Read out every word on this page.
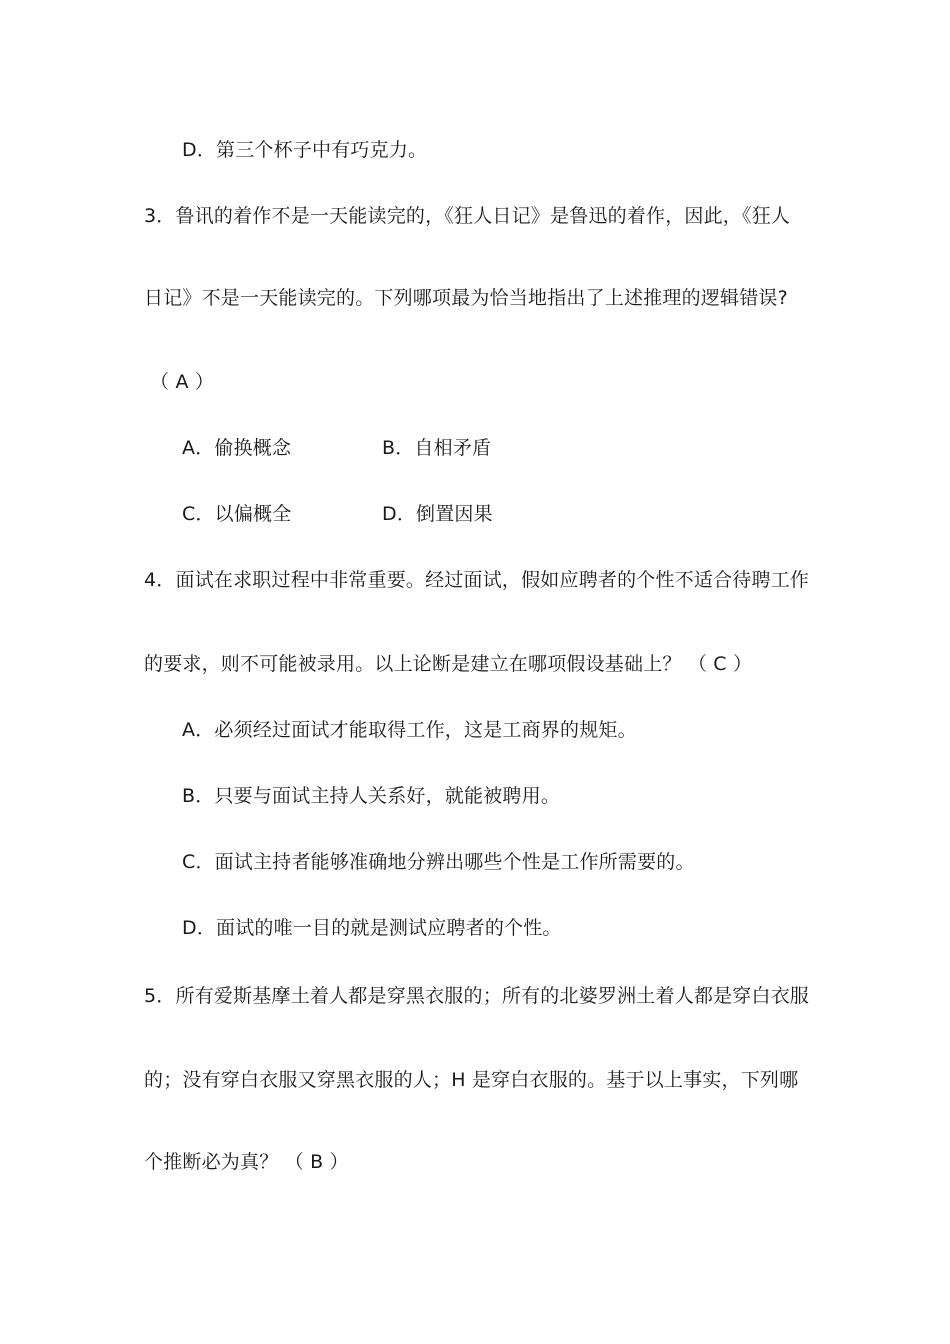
D．第三个杯子中有巧克力。
3．鲁讯的着作不是一天能读完的，《狂人日记》是鲁迅的着作，因此，《狂人
日记》不是一天能读完的。下列哪项最为恰当地指出了上述推理的逻辑错误?
（ A ）
A．偷换概念	B．自相矛盾
C．以偏概全	D．倒置因果
4．面试在求职过程中非常重要。经过面试，假如应聘者的个性不适合待聘工作
的要求，则不可能被录用。以上论断是建立在哪项假设基础上？ （ C ）
A．必须经过面试才能取得工作，这是工商界的规矩。
B．只要与面试主持人关系好，就能被聘用。
C．面试主持者能够准确地分辨出哪些个性是工作所需要的。
D．面试的唯一目的就是测试应聘者的个性。
5．所有爱斯基摩土着人都是穿黑衣服的；所有的北婆罗洲土着人都是穿白衣服
的；没有穿白衣服又穿黑衣服的人；H 是穿白衣服的。基于以上事实，下列哪
个推断必为真？ （ B ）
